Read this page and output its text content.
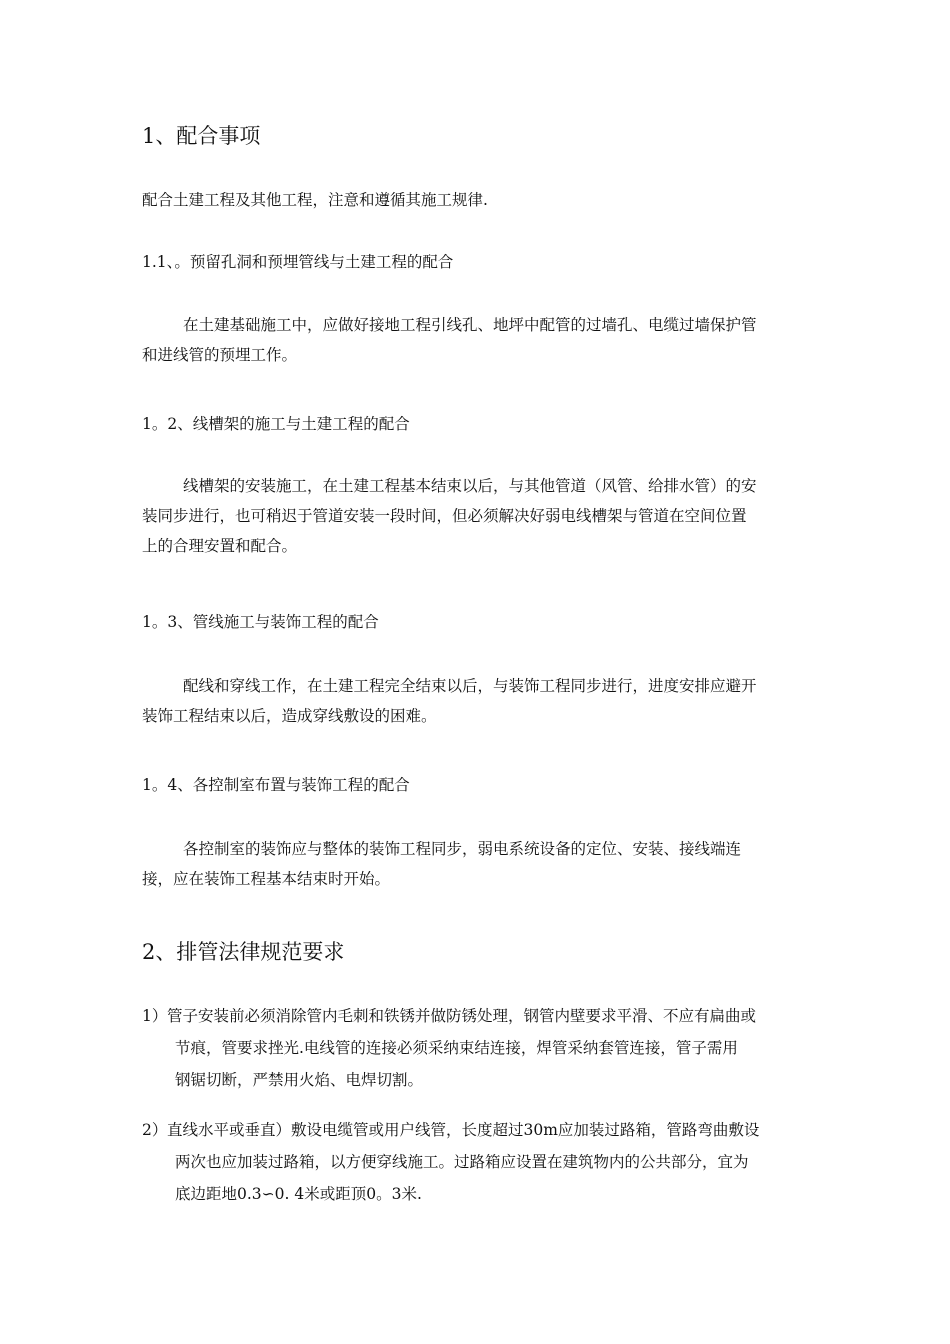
1、配合事项
配合土建工程及其他工程，注意和遵循其施工规律.
1.1、。预留孔洞和预埋管线与土建工程的配合
在土建基础施工中，应做好接地工程引线孔、地坪中配管的过墙孔、电缆过墙保护管
和进线管的预埋工作。
1。2、线槽架的施工与土建工程的配合
线槽架的安装施工，在土建工程基本结束以后，与其他管道（风管、给排水管）的安
装同步进行，也可稍迟于管道安装一段时间，但必须解决好弱电线槽架与管道在空间位置
上的合理安置和配合。
1。3、管线施工与装饰工程的配合
配线和穿线工作，在土建工程完全结束以后，与装饰工程同步进行，进度安排应避开
装饰工程结束以后，造成穿线敷设的困难。
1。4、各控制室布置与装饰工程的配合
各控制室的装饰应与整体的装饰工程同步，弱电系统设备的定位、安装、接线端连
接，应在装饰工程基本结束时开始。
2、排管法律规范要求
1） 管子安装前必须消除管内毛刺和铁锈并做防锈处理，钢管内壁要求平滑、不应有扁曲或
节痕，管要求挫光.电线管的连接必须采纳束结连接，焊管采纳套管连接，管子需用
钢锯切断，严禁用火焰、电焊切割。
2） 直线水平或垂直）敷设电缆管或用户线管，长度超过30m应加装过路箱，管路弯曲敷设
两次也应加装过路箱，以方便穿线施工。过路箱应设置在建筑物内的公共部分，宜为
底边距地0.3∽0. 4米或距顶0。3米.
